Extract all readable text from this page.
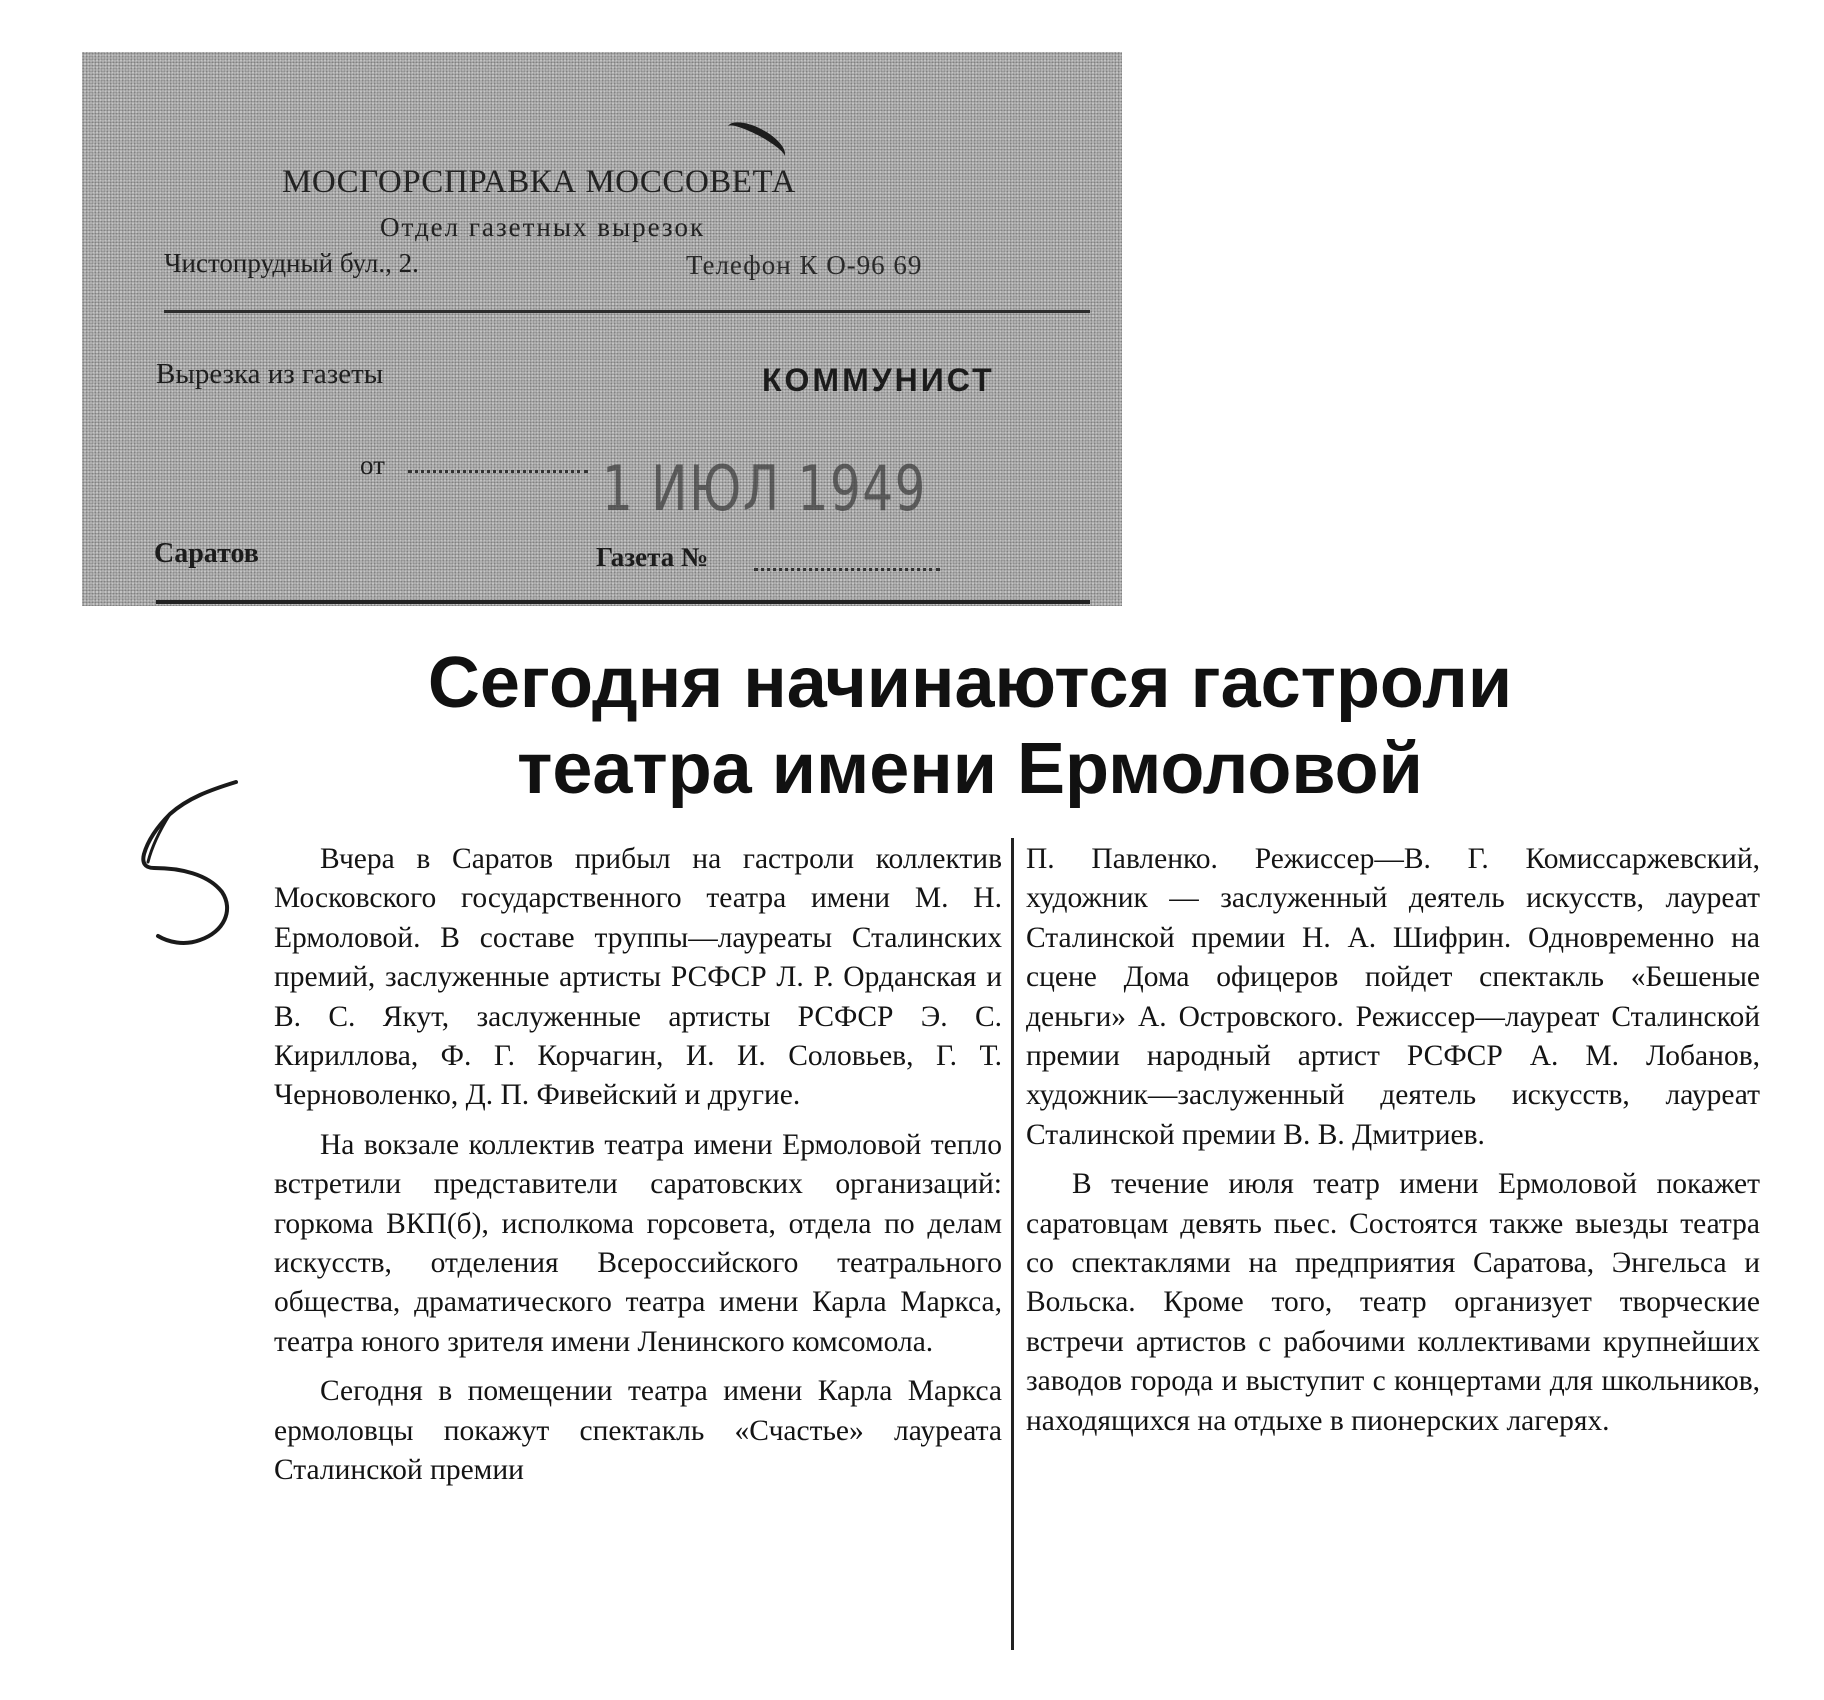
МОСГОРСПРАВКА МОССОВЕТА
Отдел газетных вырезок
Чистопрудный бул., 2.	Телефон К О-96 69
Вырезка из газеты	КОММУНИСТ
от	1 ИЮЛ 1949
Саратов	Газета №
Сегодня начинаются гастроли
театра имени Ермоловой

Вчера в Саратов прибыл на гастроли коллектив Московского государственного театра имени М. Н. Ермоловой. В составе труппы—лауреаты Сталинских премий, заслуженные артисты РСФСР Л. Р. Орданская и В. С. Якут, заслуженные артисты РСФСР Э. С. Кириллова, Ф. Г. Корчагин, И. И. Соловьев, Г. Т. Черноволенко, Д. П. Фивейский и другие.

На вокзале коллектив театра имени Ермоловой тепло встретили представители саратовских организаций: горкома ВКП(б), исполкома горсовета, отдела по делам искусств, отделения Всероссийского театрального общества, драматического театра имени Карла Маркса, театра юного зрителя имени Ленинского комсомола.

Сегодня в помещении театра имени Карла Маркса ермоловцы покажут спектакль «Счастье» лауреата Сталинской премии

П. Павленко. Режиссер—В. Г. Комиссаржевский, художник — заслуженный деятель искусств, лауреат Сталинской премии Н. А. Шифрин. Одновременно на сцене Дома офицеров пойдет спектакль «Бешеные деньги» А. Островского. Режиссер—лауреат Сталинской премии народный артист РСФСР А. М. Лобанов, художник—заслуженный деятель искусств, лауреат Сталинской премии В. В. Дмитриев.

В течение июля театр имени Ермоловой покажет саратовцам девять пьес. Состоятся также выезды театра со спектаклями на предприятия Саратова, Энгельса и Вольска. Кроме того, театр организует творческие встречи артистов с рабочими коллективами крупнейших заводов города и выступит с концертами для школьников, находящихся на отдыхе в пионерских лагерях.
